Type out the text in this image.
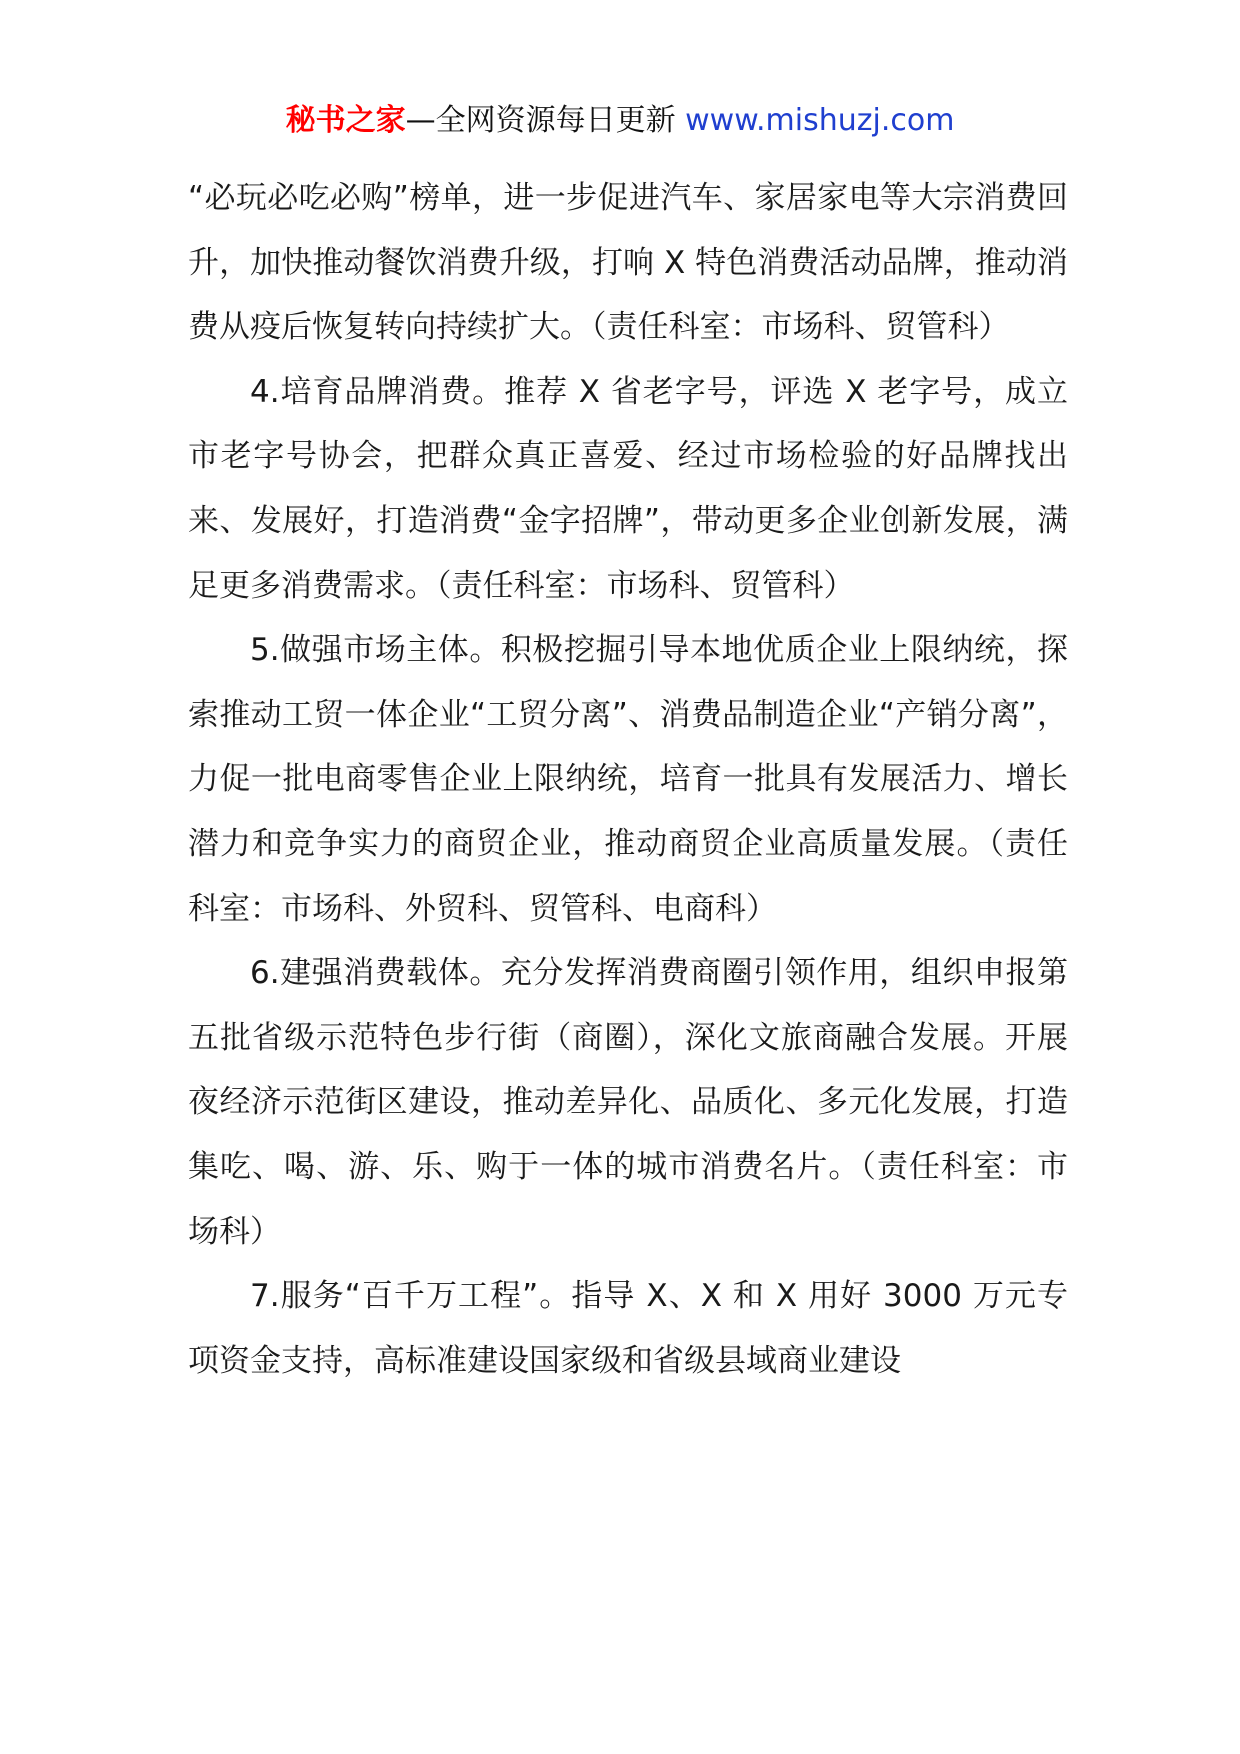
秘书之家—全网资源每日更新 www.mishuzj.com

“必玩必吃必购”榜单，进一步促进汽车、家居家电等大宗消费回升，加快推动餐饮消费升级，打响 X 特色消费活动品牌，推动消费从疫后恢复转向持续扩大。（责任科室：市场科、贸管科）

4.培育品牌消费。推荐 X 省老字号，评选 X 老字号，成立市老字号协会，把群众真正喜爱、经过市场检验的好品牌找出来、发展好，打造消费“金字招牌”，带动更多企业创新发展，满足更多消费需求。（责任科室：市场科、贸管科）

5.做强市场主体。积极挖掘引导本地优质企业上限纳统，探索推动工贸一体企业“工贸分离”、消费品制造企业“产销分离”，力促一批电商零售企业上限纳统，培育一批具有发展活力、增长潜力和竞争实力的商贸企业，推动商贸企业高质量发展。（责任科室：市场科、外贸科、贸管科、电商科）

6.建强消费载体。充分发挥消费商圈引领作用，组织申报第五批省级示范特色步行街（商圈），深化文旅商融合发展。开展夜经济示范街区建设，推动差异化、品质化、多元化发展，打造集吃、喝、游、乐、购于一体的城市消费名片。（责任科室：市场科）

7.服务“百千万工程”。指导 X、X 和 X 用好 3000 万元专项资金支持，高标准建设国家级和省级县域商业建设
